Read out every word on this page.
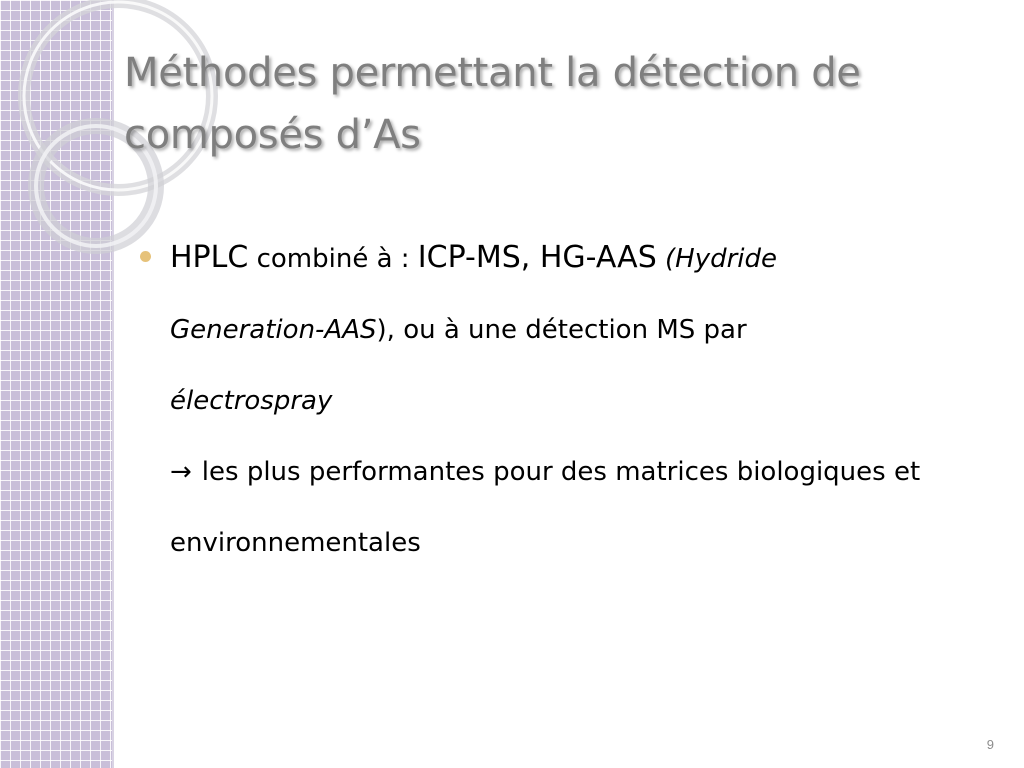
Méthodes permettant la détection de composés d’As
HPLC combiné à : ICP-MS, HG-AAS (Hydride
Generation-AAS), ou à une détection MS par
électrospray
→ les plus performantes pour des matrices biologiques et environnementales
9
